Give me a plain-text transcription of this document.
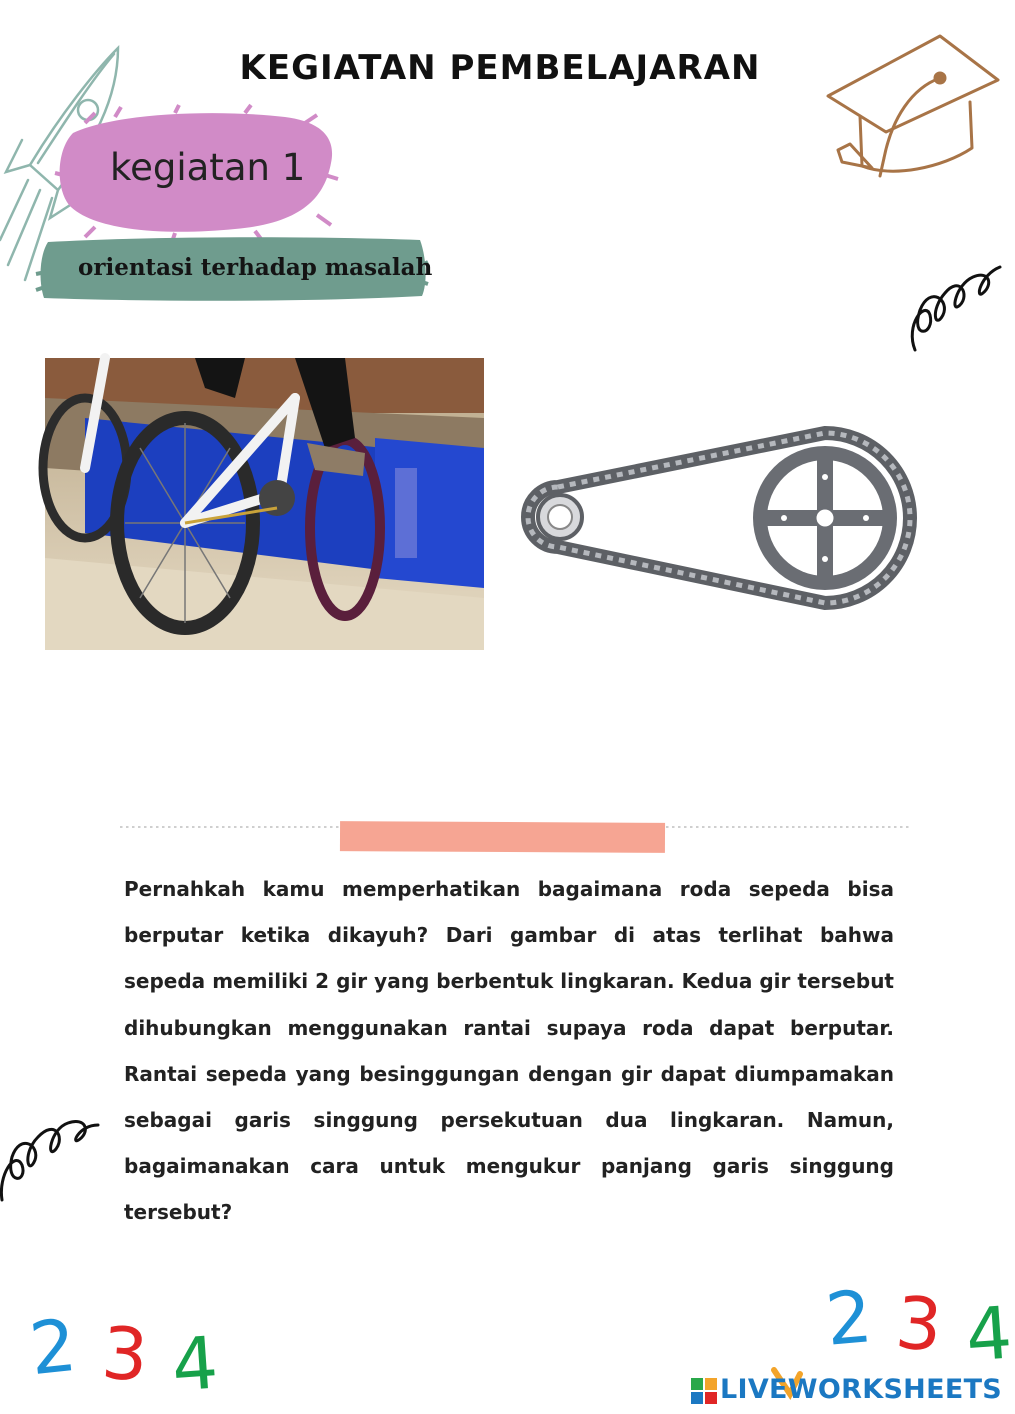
KEGIATAN PEMBELAJARAN
kegiatan 1
orientasi terhadap masalah
Pernahkah kamu memperhatikan bagaimana roda sepeda bisa berputar ketika dikayuh? Dari gambar di atas terlihat bahwa sepeda memiliki 2 gir yang berbentuk lingkaran. Kedua gir tersebut dihubungkan menggunakan rantai supaya roda dapat berputar. Rantai sepeda yang besinggungan dengan gir dapat diumpamakan sebagai garis singgung persekutuan dua lingkaran. Namun, bagaimanakan cara untuk mengukur panjang garis singgung tersebut?
2 3 4
2 3 4
LIVEWORKSHEETS
